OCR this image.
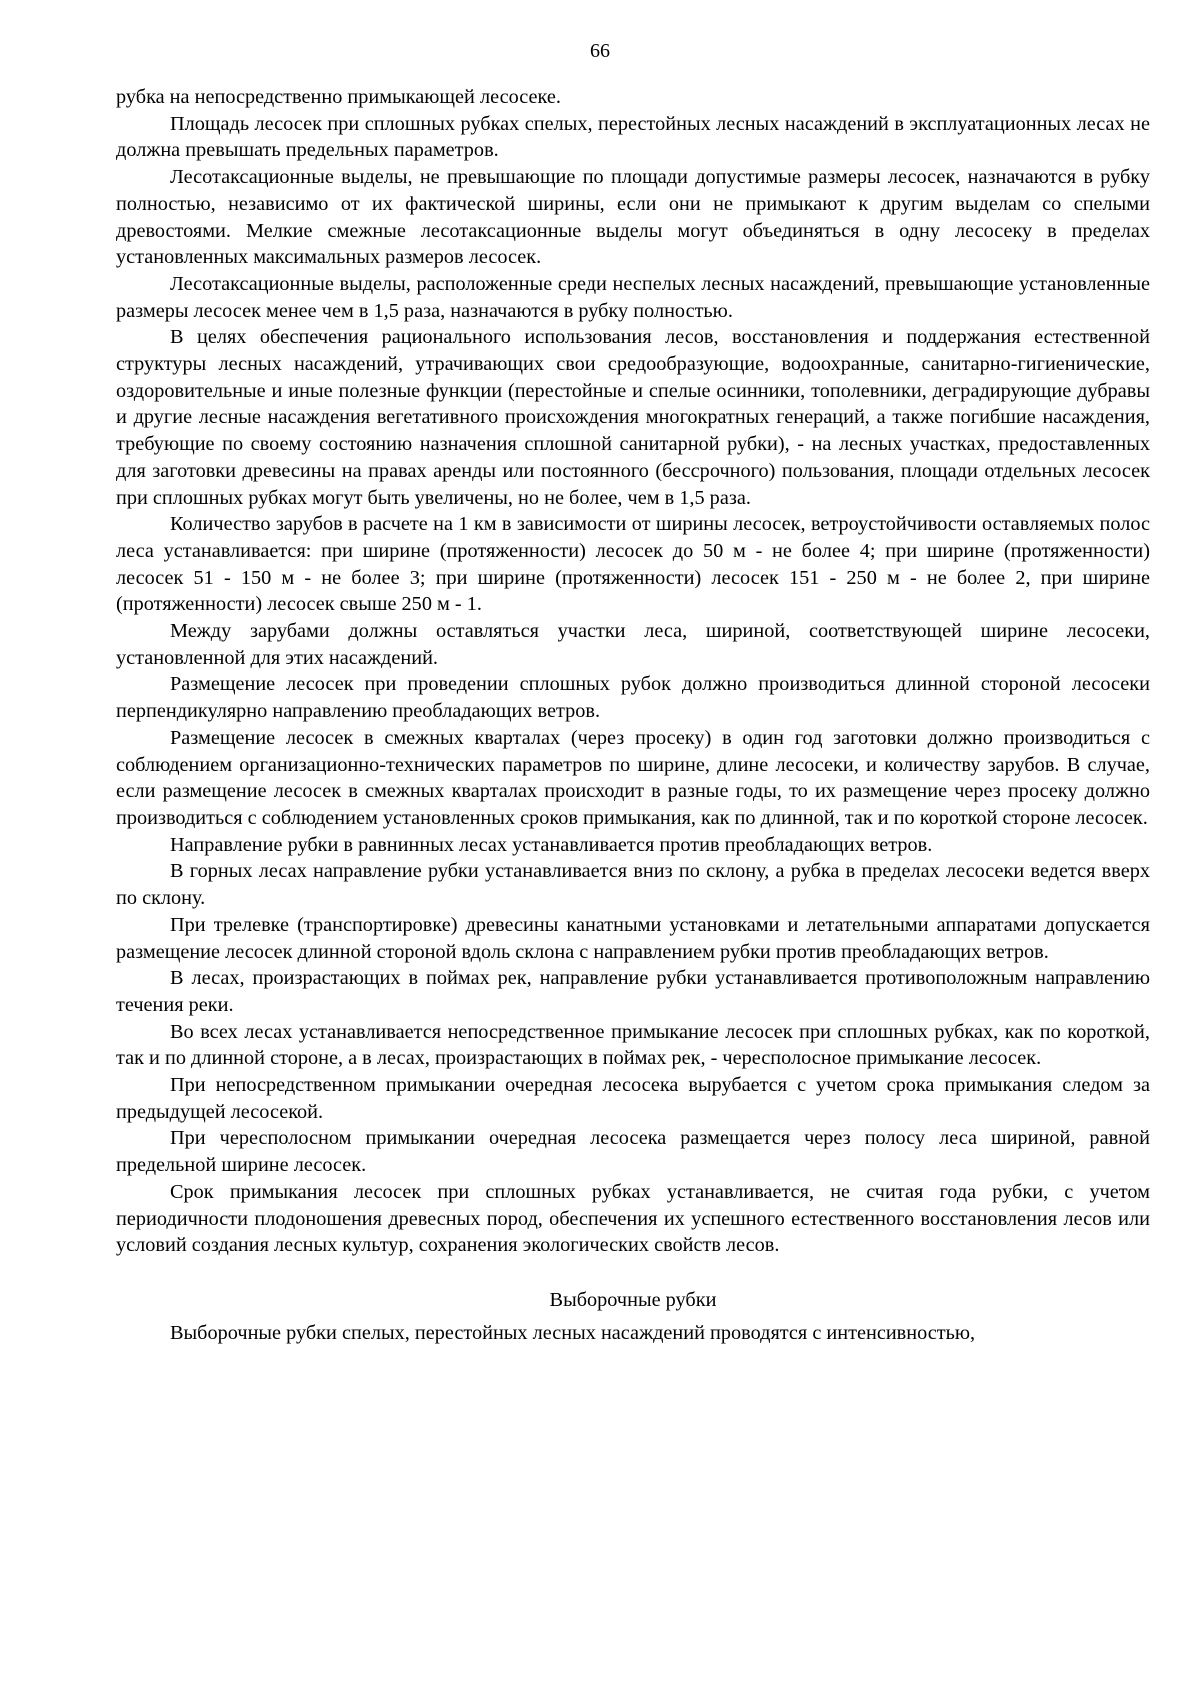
66

рубка на непосредственно примыкающей лесосеке.

Площадь лесосек при сплошных рубках спелых, перестойных лесных насаждений в эксплуатационных лесах не должна превышать предельных параметров.

Лесотаксационные выделы, не превышающие по площади допустимые размеры лесосек, назначаются в рубку полностью, независимо от их фактической ширины, если они не примыкают к другим выделам со спелыми древостоями. Мелкие смежные лесотаксационные выделы могут объединяться в одну лесосеку в пределах установленных максимальных размеров лесосек.

Лесотаксационные выделы, расположенные среди неспелых лесных насаждений, превышающие установленные размеры лесосек менее чем в 1,5 раза, назначаются в рубку полностью.

В целях обеспечения рационального использования лесов, восстановления и поддержания естественной структуры лесных насаждений, утрачивающих свои средообразующие, водоохранные, санитарно-гигиенические, оздоровительные и иные полезные функции (перестойные и спелые осинники, тополевники, деградирующие дубравы и другие лесные насаждения вегетативного происхождения многократных генераций, а также погибшие насаждения, требующие по своему состоянию назначения сплошной санитарной рубки), - на лесных участках, предоставленных для заготовки древесины на правах аренды или постоянного (бессрочного) пользования, площади отдельных лесосек при сплошных рубках могут быть увеличены, но не более, чем в 1,5 раза.

Количество зарубов в расчете на 1 км в зависимости от ширины лесосек, ветроустойчивости оставляемых полос леса устанавливается: при ширине (протяженности) лесосек до 50 м - не более 4; при ширине (протяженности) лесосек 51 - 150 м - не более 3; при ширине (протяженности) лесосек 151 - 250 м - не более 2, при ширине (протяженности) лесосек свыше 250 м - 1.

Между зарубами должны оставляться участки леса, шириной, соответствующей ширине лесосеки, установленной для этих насаждений.

Размещение лесосек при проведении сплошных рубок должно производиться длинной стороной лесосеки перпендикулярно направлению преобладающих ветров.

Размещение лесосек в смежных кварталах (через просеку) в один год заготовки должно производиться с соблюдением организационно-технических параметров по ширине, длине лесосеки, и количеству зарубов. В случае, если размещение лесосек в смежных кварталах происходит в разные годы, то их размещение через просеку должно производиться с соблюдением установленных сроков примыкания, как по длинной, так и по короткой стороне лесосек.

Направление рубки в равнинных лесах устанавливается против преобладающих ветров.

В горных лесах направление рубки устанавливается вниз по склону, а рубка в пределах лесосеки ведется вверх по склону.

При трелевке (транспортировке) древесины канатными установками и летательными аппаратами допускается размещение лесосек длинной стороной вдоль склона с направлением рубки против преобладающих ветров.

В лесах, произрастающих в поймах рек, направление рубки устанавливается противоположным направлению течения реки.

Во всех лесах устанавливается непосредственное примыкание лесосек при сплошных рубках, как по короткой, так и по длинной стороне, а в лесах, произрастающих в поймах рек, - чересполосное примыкание лесосек.

При непосредственном примыкании очередная лесосека вырубается с учетом срока примыкания следом за предыдущей лесосекой.

При чересполосном примыкании очередная лесосека размещается через полосу леса шириной, равной предельной ширине лесосек.

Срок примыкания лесосек при сплошных рубках устанавливается, не считая года рубки, с учетом периодичности плодоношения древесных пород, обеспечения их успешного естественного восстановления лесов или условий создания лесных культур, сохранения экологических свойств лесов.

Выборочные рубки

Выборочные рубки спелых, перестойных лесных насаждений проводятся с интенсивностью,
